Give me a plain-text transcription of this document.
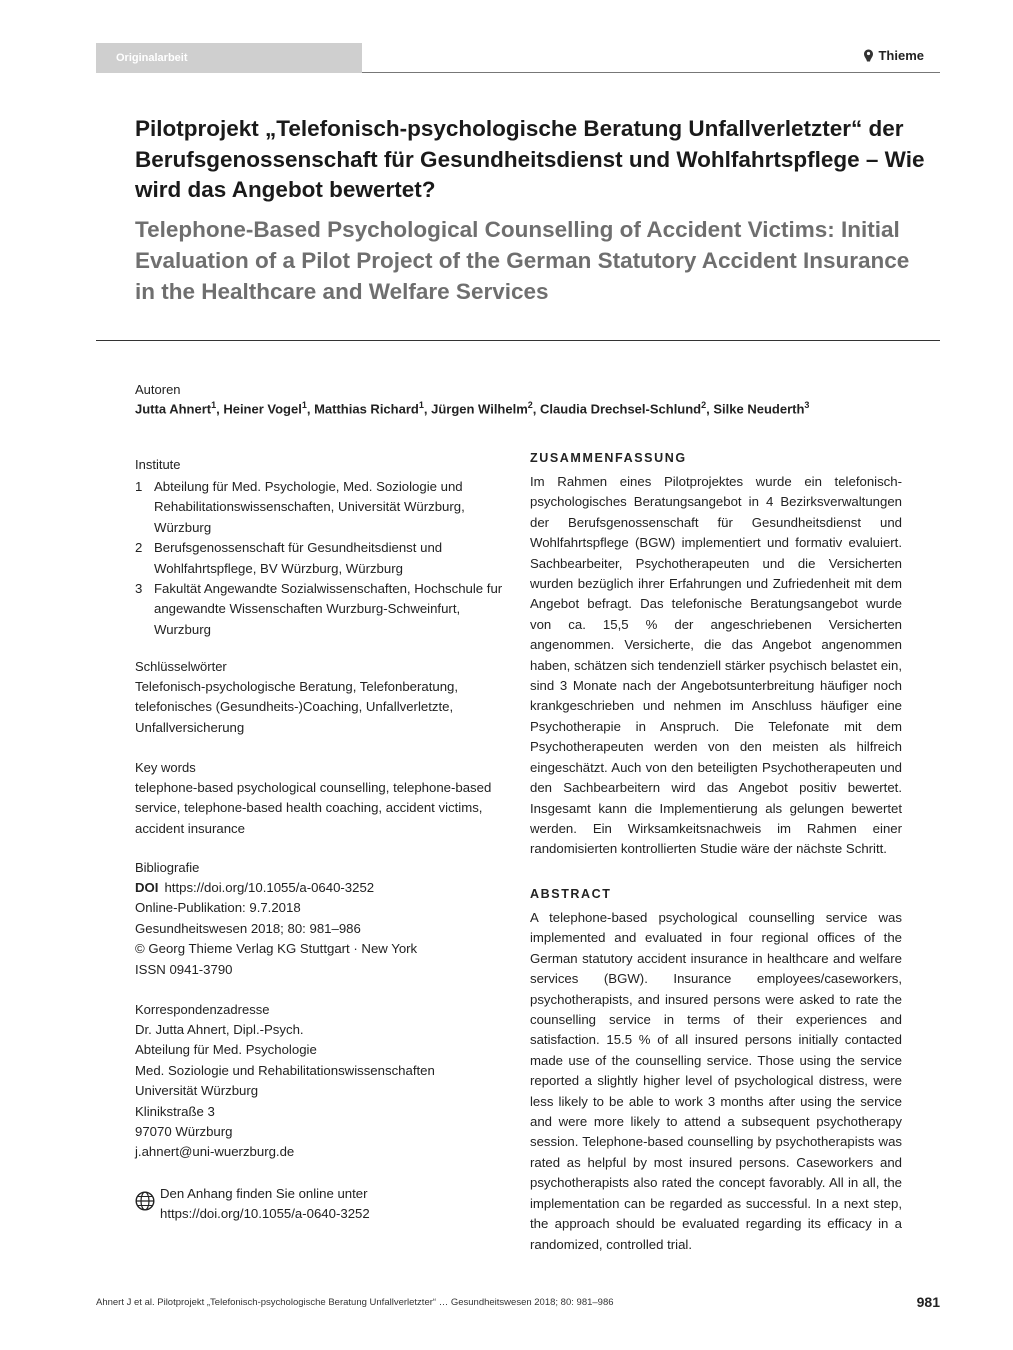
Originalarbeit	Thieme
Pilotprojekt „Telefonisch-psychologische Beratung Unfallverletzter“ der Berufsgenossenschaft für Gesundheitsdienst und Wohlfahrtspflege – Wie wird das Angebot bewertet?
Telephone-Based Psychological Counselling of Accident Victims: Initial Evaluation of a Pilot Project of the German Statutory Accident Insurance in the Healthcare and Welfare Services
Autoren
Jutta Ahnert$^1$, Heiner Vogel$^1$, Matthias Richard$^1$, Jürgen Wilhelm$^2$, Claudia Drechsel-Schlund$^2$, Silke Neuderth$^3$
Institute
1 Abteilung für Med. Psychologie, Med. Soziologie und Rehabilitationswissenschaften, Universität Würzburg, Würzburg
2 Berufsgenossenschaft für Gesundheitsdienst und Wohlfahrtspflege, BV Würzburg, Würzburg
3 Fakultät Angewandte Sozialwissenschaften, Hochschule fur angewandte Wissenschaften Wurzburg-Schweinfurt, Wurzburg
Schlüsselwörter
Telefonisch-psychologische Beratung, Telefonberatung, telefonisches (Gesundheits-)Coaching, Unfallverletzte, Unfallversicherung
Key words
telephone-based psychological counselling, telephone-based service, telephone-based health coaching, accident victims, accident insurance
Bibliografie
DOI https://doi.org/10.1055/a-0640-3252
Online-Publikation: 9.7.2018
Gesundheitswesen 2018; 80: 981–986
© Georg Thieme Verlag KG Stuttgart · New York
ISSN 0941-3790
Korrespondenzadresse
Dr. Jutta Ahnert, Dipl.-Psych.
Abteilung für Med. Psychologie
Med. Soziologie und Rehabilitationswissenschaften
Universität Würzburg
Klinikstraße 3
97070 Würzburg
j.ahnert@uni-wuerzburg.de
Den Anhang finden Sie online unter https://doi.org/10.1055/a-0640-3252
ZUSAMMENFASSUNG
Im Rahmen eines Pilotprojektes wurde ein telefonisch-psychologisches Beratungsangebot in 4 Bezirksverwaltungen der Berufsgenossenschaft für Gesundheitsdienst und Wohlfahrtspflege (BGW) implementiert und formativ evaluiert. Sachbearbeiter, Psychotherapeuten und die Versicherten wurden bezüglich ihrer Erfahrungen und Zufriedenheit mit dem Angebot befragt. Das telefonische Beratungsangebot wurde von ca. 15,5 % der angeschriebenen Versicherten angenommen. Versicherte, die das Angebot angenommen haben, schätzen sich tendenziell stärker psychisch belastet ein, sind 3 Monate nach der Angebotsunterbreitung häufiger noch krankgeschrieben und nehmen im Anschluss häufiger eine Psychotherapie in Anspruch. Die Telefonate mit dem Psychotherapeuten werden von den meisten als hilfreich eingeschätzt. Auch von den beteiligten Psychotherapeuten und den Sachbearbeitern wird das Angebot positiv bewertet. Insgesamt kann die Implementierung als gelungen bewertet werden. Ein Wirksamkeitsnachweis im Rahmen einer randomisierten kontrollierten Studie wäre der nächste Schritt.
ABSTRACT
A telephone-based psychological counselling service was implemented and evaluated in four regional offices of the German statutory accident insurance in healthcare and welfare services (BGW). Insurance employees/caseworkers, psychotherapists, and insured persons were asked to rate the counselling service in terms of their experiences and satisfaction. 15.5 % of all insured persons initially contacted made use of the counselling service. Those using the service reported a slightly higher level of psychological distress, were less likely to be able to work 3 months after using the service and were more likely to attend a subsequent psychotherapy session. Telephone-based counselling by psychotherapists was rated as helpful by most insured persons. Caseworkers and psychotherapists also rated the concept favorably. All in all, the implementation can be regarded as successful. In a next step, the approach should be evaluated regarding its efficacy in a randomized, controlled trial.
Ahnert J et al. Pilotprojekt „Telefonisch-psychologische Beratung Unfallverletzter“ … Gesundheitswesen 2018; 80: 981–986	981
